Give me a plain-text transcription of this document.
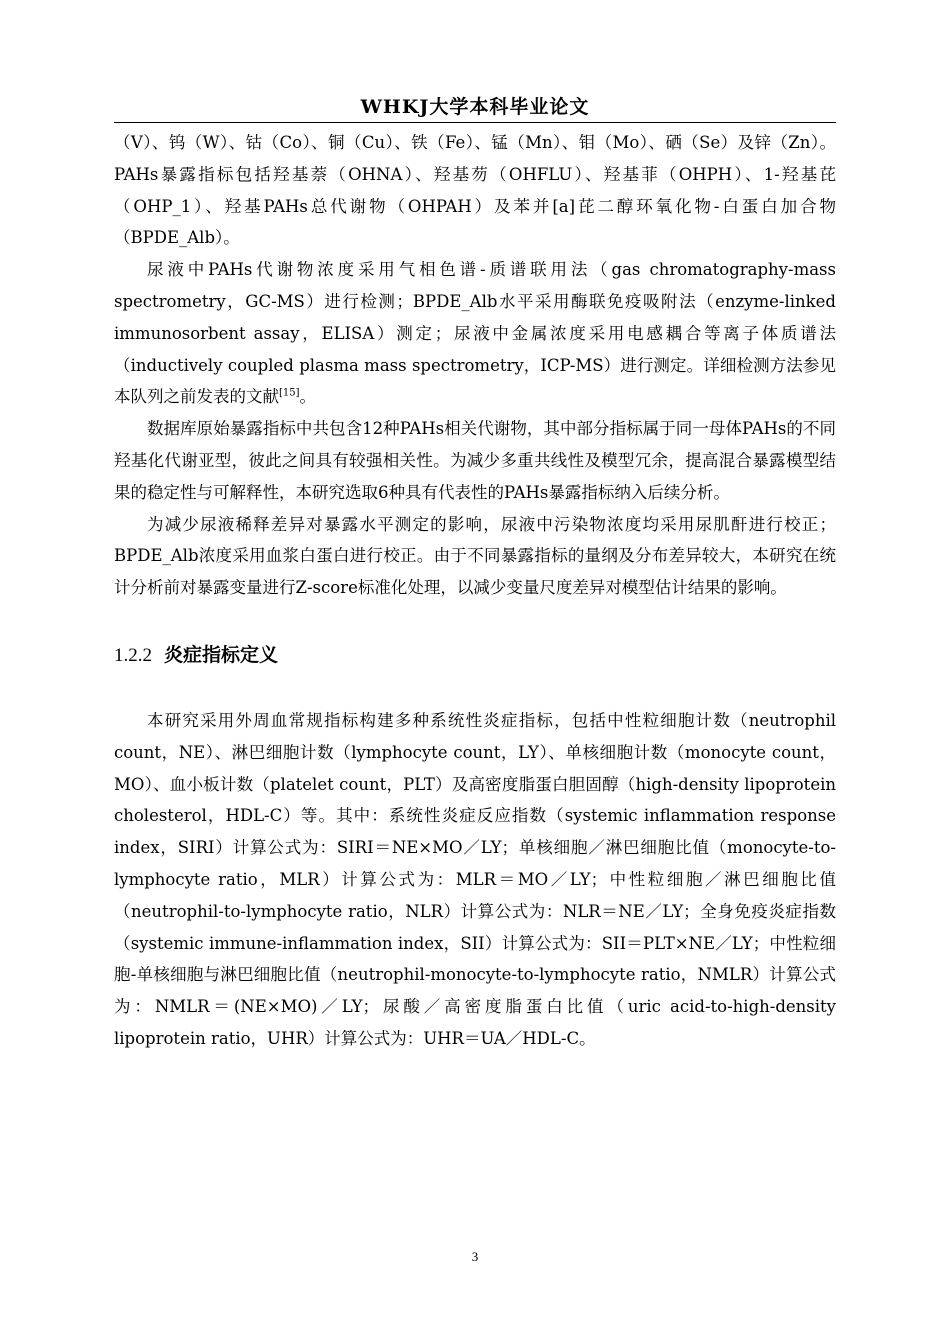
WHKJ大学本科毕业论文

（V）、钨（W）、钴（Co）、铜（Cu）、铁（Fe）、锰（Mn）、钼（Mo）、硒（Se）及锌（Zn）。PAHs暴露指标包括羟基萘（OHNA）、羟基芴（OHFLU）、羟基菲（OHPH）、1-羟基芘（OHP_1）、羟基PAHs总代谢物（OHPAH）及苯并[a]芘二醇环氧化物-白蛋白加合物（BPDE_Alb）。

尿液中PAHs代谢物浓度采用气相色谱-质谱联用法（gas chromatography-mass spectrometry，GC-MS）进行检测；BPDE_Alb水平采用酶联免疫吸附法（enzyme-linked immunosorbent assay，ELISA）测定；尿液中金属浓度采用电感耦合等离子体质谱法（inductively coupled plasma mass spectrometry，ICP-MS）进行测定。详细检测方法参见本队列之前发表的文献[15]。

数据库原始暴露指标中共包含12种PAHs相关代谢物，其中部分指标属于同一母体PAHs的不同羟基化代谢亚型，彼此之间具有较强相关性。为减少多重共线性及模型冗余，提高混合暴露模型结果的稳定性与可解释性，本研究选取6种具有代表性的PAHs暴露指标纳入后续分析。

为减少尿液稀释差异对暴露水平测定的影响，尿液中污染物浓度均采用尿肌酐进行校正；BPDE_Alb浓度采用血浆白蛋白进行校正。由于不同暴露指标的量纲及分布差异较大，本研究在统计分析前对暴露变量进行Z-score标准化处理，以减少变量尺度差异对模型估计结果的影响。

1.2.2 炎症指标定义

本研究采用外周血常规指标构建多种系统性炎症指标，包括中性粒细胞计数（neutrophil count，NE）、淋巴细胞计数（lymphocyte count，LY）、单核细胞计数（monocyte count，MO）、血小板计数（platelet count，PLT）及高密度脂蛋白胆固醇（high-density lipoprotein cholesterol，HDL-C）等。其中：系统性炎症反应指数（systemic inflammation response index，SIRI）计算公式为：SIRI＝NE×MO／LY；单核细胞／淋巴细胞比值（monocyte-to-lymphocyte ratio，MLR）计算公式为：MLR＝MO／LY；中性粒细胞／淋巴细胞比值（neutrophil-to-lymphocyte ratio，NLR）计算公式为：NLR＝NE／LY；全身免疫炎症指数（systemic immune-inflammation index，SII）计算公式为：SII＝PLT×NE／LY；中性粒细胞-单核细胞与淋巴细胞比值（neutrophil-monocyte-to-lymphocyte ratio，NMLR）计算公式为：NMLR＝(NE×MO)／LY；尿酸／高密度脂蛋白比值（uric acid-to-high-density lipoprotein ratio，UHR）计算公式为：UHR＝UA／HDL-C。

3
